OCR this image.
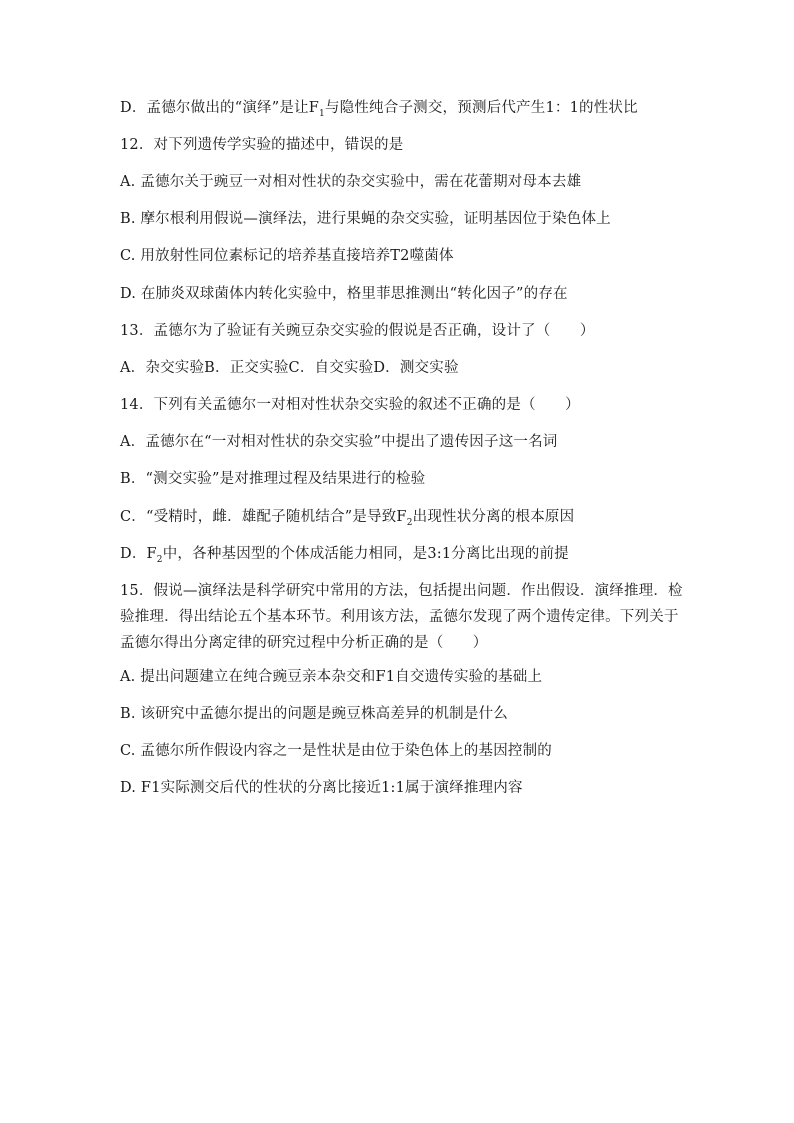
D．孟德尔做出的“演绎”是让$F_1$与隐性纯合子测交，预测后代产生1：1的性状比
12．对下列遗传学实验的描述中，错误的是
A. 孟德尔关于豌豆一对相对性状的杂交实验中，需在花蕾期对母本去雄
B. 摩尔根利用假说—演绎法，进行果蝇的杂交实验，证明基因位于染色体上
C. 用放射性同位素标记的培养基直接培养T2噬菌体
D. 在肺炎双球菌体内转化实验中，格里菲思推测出“转化因子”的存在
13．孟德尔为了验证有关豌豆杂交实验的假说是否正确，设计了（　　）
A．杂交实验B．正交实验C．自交实验D．测交实验
14．下列有关孟德尔一对相对性状杂交实验的叙述不正确的是（　　）
A．孟德尔在“一对相对性状的杂交实验”中提出了遗传因子这一名词
B．“测交实验”是对推理过程及结果进行的检验
C．“受精时，雌．雄配子随机结合”是导致$F_2$出现性状分离的根本原因
D．$F_2$中，各种基因型的个体成活能力相同，是3:1分离比出现的前提
15．假说—演绎法是科学研究中常用的方法，包括提出问题．作出假设．演绎推理．检验推理．得出结论五个基本环节。利用该方法，孟德尔发现了两个遗传定律。下列关于孟德尔得出分离定律的研究过程中分析正确的是（　　）
A. 提出问题建立在纯合豌豆亲本杂交和F1自交遗传实验的基础上
B. 该研究中孟德尔提出的问题是豌豆株高差异的机制是什么
C. 孟德尔所作假设内容之一是性状是由位于染色体上的基因控制的
D. F1实际测交后代的性状的分离比接近1:1属于演绎推理内容
